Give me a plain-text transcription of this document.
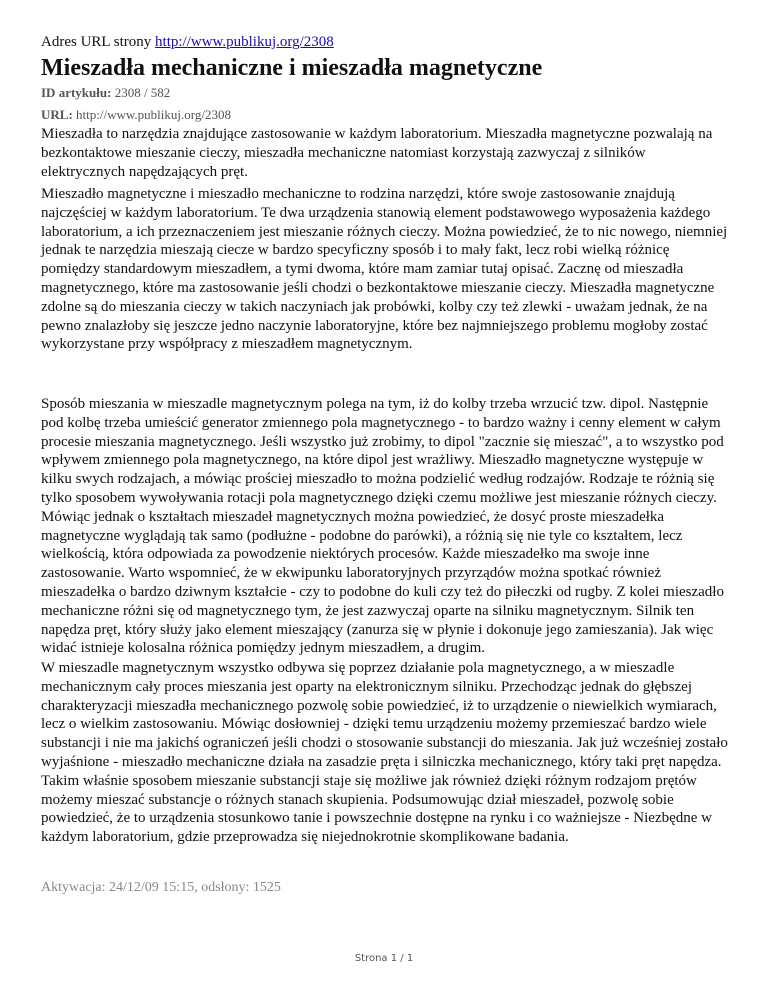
Adres URL strony http://www.publikuj.org/2308
Mieszadła mechaniczne i mieszadła magnetyczne
ID artykułu: 2308 / 582
URL: http://www.publikuj.org/2308

Mieszadła to narzędzia znajdujące zastosowanie w każdym laboratorium. Mieszadła magnetyczne pozwalają na bezkontaktowe mieszanie cieczy, mieszadła mechaniczne natomiast korzystają zazwyczaj z silników elektrycznych napędzających pręt.

Mieszadło magnetyczne i mieszadło mechaniczne to rodzina narzędzi, które swoje zastosowanie znajdują najczęściej w każdym laboratorium. Te dwa urządzenia stanowią element podstawowego wyposażenia każdego laboratorium, a ich przeznaczeniem jest mieszanie różnych cieczy. Można powiedzieć, że to nic nowego, niemniej jednak te narzędzia mieszają ciecze w bardzo specyficzny sposób i to mały fakt, lecz robi wielką różnicę pomiędzy standardowym mieszadłem, a tymi dwoma, które mam zamiar tutaj opisać. Zacznę od mieszadła magnetycznego, które ma zastosowanie jeśli chodzi o bezkontaktowe mieszanie cieczy. Mieszadła magnetyczne zdolne są do mieszania cieczy w takich naczyniach jak probówki, kolby czy też zlewki - uważam jednak, że na pewno znalazłoby się jeszcze jedno naczynie laboratoryjne, które bez najmniejszego problemu mogłoby zostać wykorzystane przy współpracy z mieszadłem magnetycznym.

Sposób mieszania w mieszadle magnetycznym polega na tym, iż do kolby trzeba wrzucić tzw. dipol. Następnie pod kolbę trzeba umieścić generator zmiennego pola magnetycznego - to bardzo ważny i cenny element w całym procesie mieszania magnetycznego. Jeśli wszystko już zrobimy, to dipol "zacznie się mieszać", a to wszystko pod wpływem zmiennego pola magnetycznego, na które dipol jest wrażliwy. Mieszadło magnetyczne występuje w kilku swych rodzajach, a mówiąc prościej mieszadło to można podzielić według rodzajów. Rodzaje te różnią się tylko sposobem wywoływania rotacji pola magnetycznego dzięki czemu możliwe jest mieszanie różnych cieczy. Mówiąc jednak o kształtach mieszadeł magnetycznych można powiedzieć, że dosyć proste mieszadełka magnetyczne wyglądają tak samo (podłużne - podobne do parówki), a różnią się nie tyle co kształtem, lecz wielkością, która odpowiada za powodzenie niektórych procesów. Każde mieszadełko ma swoje inne zastosowanie. Warto wspomnieć, że w ekwipunku laboratoryjnych przyrządów można spotkać również mieszadełka o bardzo dziwnym kształcie - czy to podobne do kuli czy też do piłeczki od rugby. Z kolei mieszadło mechaniczne różni się od magnetycznego tym, że jest zazwyczaj oparte na silniku magnetycznym. Silnik ten napędza pręt, który służy jako element mieszający (zanurza się w płynie i dokonuje jego zamieszania). Jak więc widać istnieje kolosalna różnica pomiędzy jednym mieszadłem, a drugim.

W mieszadle magnetycznym wszystko odbywa się poprzez działanie pola magnetycznego, a w mieszadle mechanicznym cały proces mieszania jest oparty na elektronicznym silniku. Przechodząc jednak do głębszej charakteryzacji mieszadła mechanicznego pozwolę sobie powiedzieć, iż to urządzenie o niewielkich wymiarach, lecz o wielkim zastosowaniu. Mówiąc dosłowniej - dzięki temu urządzeniu możemy przemieszać bardzo wiele substancji i nie ma jakichś ograniczeń jeśli chodzi o stosowanie substancji do mieszania. Jak już wcześniej zostało wyjaśnione - mieszadło mechaniczne działa na zasadzie pręta i silniczka mechanicznego, który taki pręt napędza. Takim właśnie sposobem mieszanie substancji staje się możliwe jak również dzięki różnym rodzajom prętów możemy mieszać substancje o różnych stanach skupienia. Podsumowując dział mieszadeł, pozwolę sobie powiedzieć, że to urządzenia stosunkowo tanie i powszechnie dostępne na rynku i co ważniejsze - Niezbędne w każdym laboratorium, gdzie przeprowadza się niejednokrotnie skomplikowane badania.

Aktywacja: 24/12/09 15:15, odsłony: 1525
Strona 1 / 1
